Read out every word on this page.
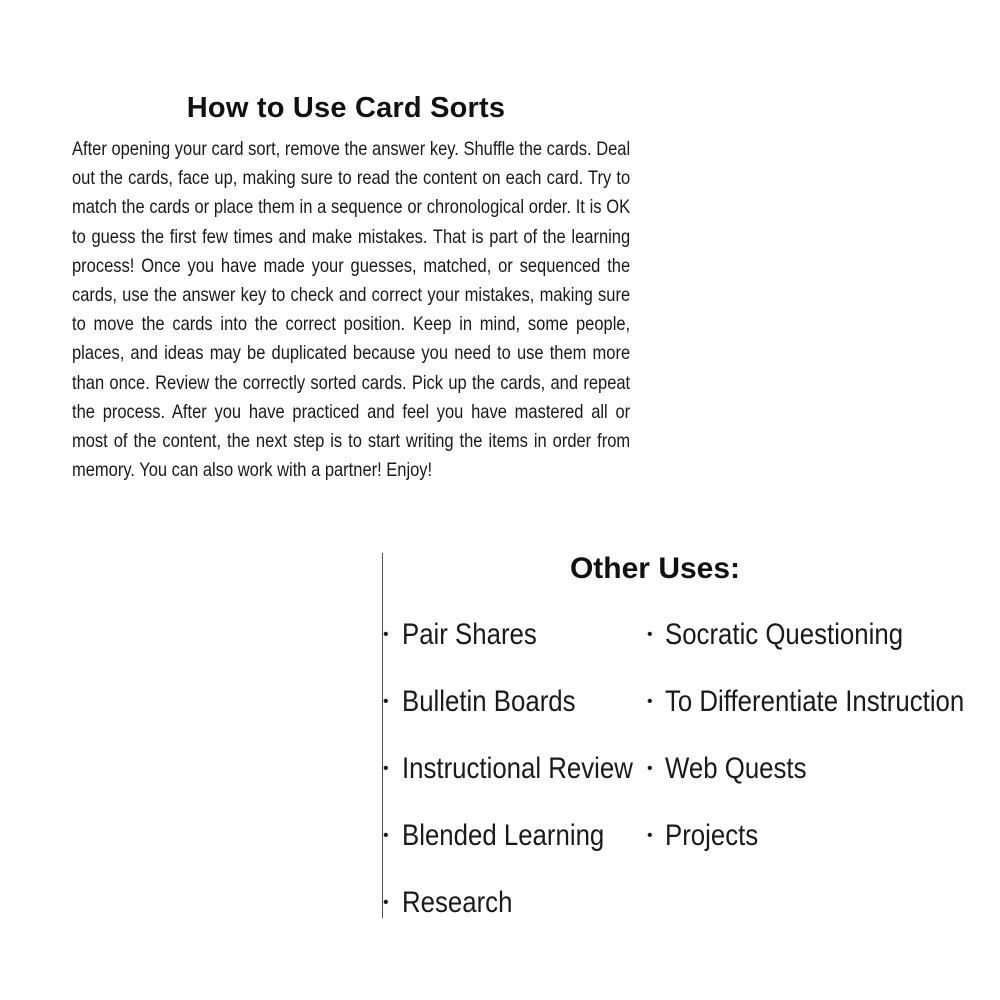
How to Use Card Sorts

After opening your card sort, remove the answer key. Shuffle the cards. Deal out the cards, face up, making sure to read the content on each card. Try to match the cards or place them in a sequence or chronological order. It is OK to guess the first few times and make mistakes. That is part of the learning process! Once you have made your guesses, matched, or sequenced the cards, use the answer key to check and correct your mistakes, making sure to move the cards into the correct position. Keep in mind, some people, places, and ideas may be duplicated because you need to use them more than once. Review the correctly sorted cards. Pick up the cards, and repeat the process. After you have practiced and feel you have mastered all or most of the content, the next step is to start writing the items in order from memory. You can also work with a partner! Enjoy!

Other Uses:
• Pair Shares
• Bulletin Boards
• Instructional Review
• Blended Learning
• Research
• Socratic Questioning
• To Differentiate Instruction
• Web Quests
• Projects
